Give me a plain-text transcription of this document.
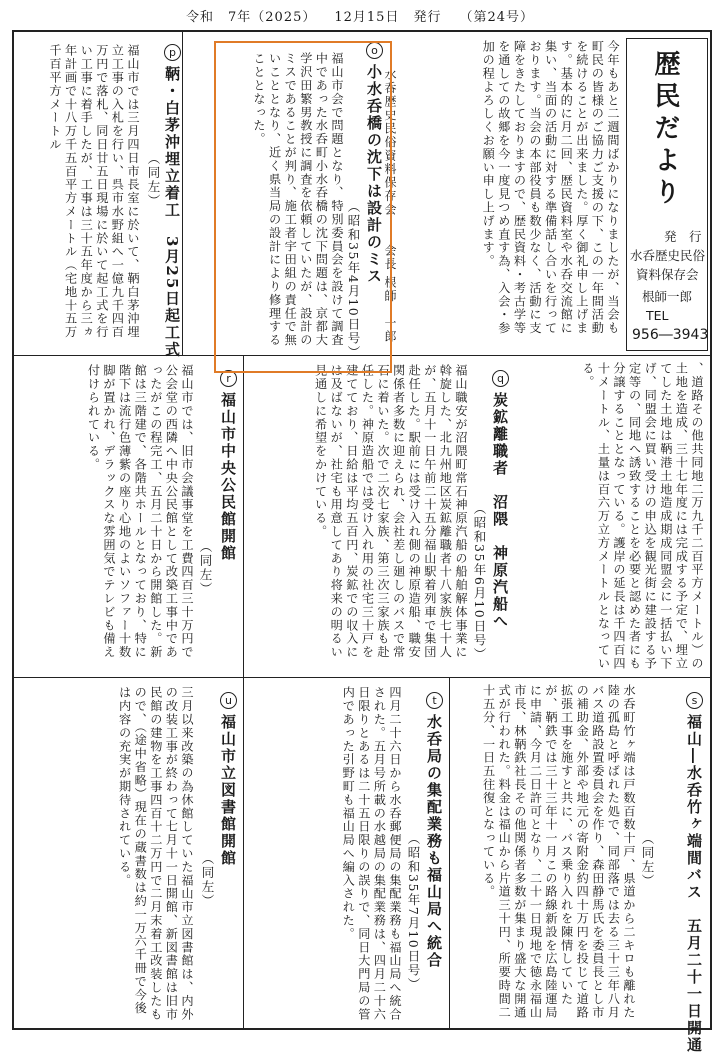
令和　7年（2025） 12月15日　発行 （第24号）
歴民だより
発　行
水呑歴史民俗
資料保存会
根師一郎
TEL
956―3943
今年もあと二週間ばかりになりましたが、当会も町民の皆様のご協力ご支援の下、この一年間活動を続けることが出来ました。厚く御礼申し上げます。基本的に月二回、歴民資料室や水呑交流館に集い、当面の活動に対する準備話し合いを行っております。当会の本部役員も数少なく、活動に支障をきたしておりますので、歴民資料・考古学等を通しての故郷を今一度見つめ直す為、入会・参加の程よろしくお願い申し上げます。
水呑歴史民俗資料保存会
会長
根師　一郎
o
小水呑橋の沈下は設計のミス
（昭和35年4月10日号）
福山市会で問題となり、特別委員会を設けて調査中であった水呑町小水呑橋の沈下問題は、京都大学沢田繁男教授に調査を依頼していたが、設計のミスであることが判り、施工者宇田組の責任で無いこととなり、近く県当局の設計により修理することとなった。
p
鞆・白茅沖埋立着工　3月25日起工式
（同左）
福山市では三月四日市長室に於いて、鞆白茅沖埋立工事の入札を行い、呉市水野組へ一億九千四百万円で落札、同日廿五日現場に於いて起工式を行い工事に着手したが、工事は三十五年度から三ヵ年計画で十八万千五百平方メートル（宅地十五万千百平方メートル
、道路その他共同地二万九千二百平方メートル）の土地を造成、三十七年度には完成する予定で、埋立てした土地は鞆港土地造成期成同盟会に一括払い下げ、同盟会に買い受けの申込を観光街に建設する予定等の、同地へ誘致することを必要と認めた者にも分譲することとなっている。護岸の延長は千四百四十メートル、土量は百六万立方メートルとなっている。
q
炭鉱離職者　沼隈　神原汽船へ
（昭和35年6月10日号）
福山職安が沼隈町常石神原汽船の船舶解体事業に斡旋した、北九州地区炭鉱離職者十八家族七十人が、五月十一日午前二十五分福山駅着列車で集団赴任した。駅前には受け入れ側の神原造船、職安関係者多数に迎えられ、会社差し廻しのバスで常石に着いた。次で二次七家族、第三次三家族も赴任した。神原造船では受け入れ用の社宅三十戸を建てており、日給は平均五百円、炭鉱での収入には及ばないが、社宅も用意してあり将来の明るい見通しに希望をかけている。
r
福山市中央公民館開館
（同左）
福山市では、旧市会議事堂を工費四百三十万円で公会堂の西隣へ中央公民館として改築工事中であったがこの程完工、五月二十日から開館した。新館は三階建で、各階共ホールとなっており、特に階下は流行色薄紫の座り心地のよいソファー十数脚が置かれ、デラックスな雰囲気でテレビも備え付けられている。
s
福山―水呑竹ヶ端間バス　五月二十一日開通
（同左）
水呑町竹ヶ端は戸数百数十戸、県道から二キロも離れた陸の孤島と呼ばれた処で、同部落では去る三十三年八月バス道路設置委員会を作り、森田静馬氏を委員長とし市の補助金、外部や地元の寄附金約四十万円を投じて道路拡張工事を施すと共に、バス乗り入れを陳情していたが、鞆鉄では三十三年十一月この路線新設を広島陸運局に申請、今月二日許可となり、二十一日現地で徳永福山市長、林鞆鉄社長その他関係者多数が集まり盛大な開通式が行われた。料金は福山から片道三十円、所要時間二十五分、一日五往復となっている。
t
水呑局の集配業務も福山局へ統合
（昭和35年7月10日号）
四月二十六日から水呑郵便局の集配業務も福山局へ統合された。五月号所載の水越局の集配業務は、四月二十六日限りとあるは二十五日限りの誤りで、同日大門局の管内であった引野町も福山局へ編入された。
u
福山市立図書館開館
（同左）
三月以来改築の為休館していた福山市立図書館は、内外の改装工事が終わって七月十一日開館、新図書館は旧市民館の建物を工事四百十二万円で二月末着工改装したもので、（途中省略）現在の蔵書数は約一万六千冊で今後は内容の充実が期待されている。
